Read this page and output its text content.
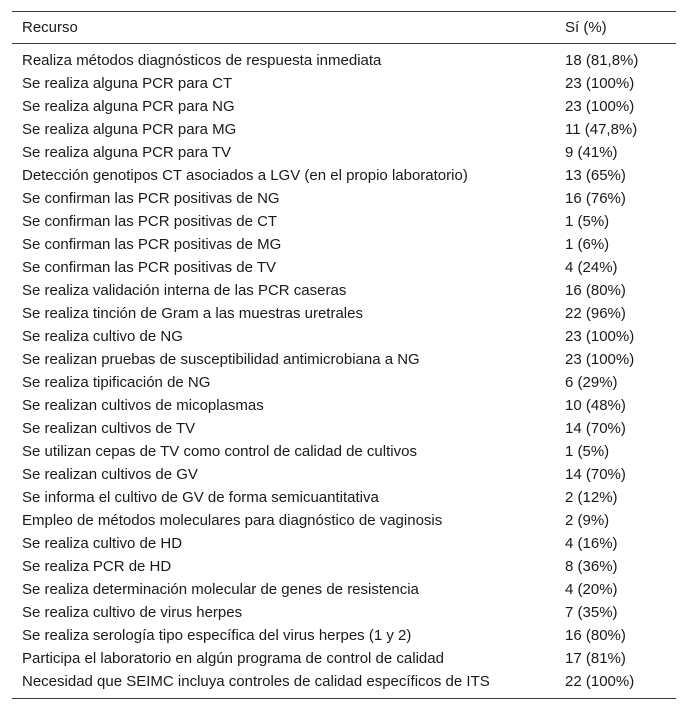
Recurso	Sí (%)
Realiza métodos diagnósticos de respuesta inmediata	18 (81,8%)
Se realiza alguna PCR para CT	23 (100%)
Se realiza alguna PCR para NG	23 (100%)
Se realiza alguna PCR para MG	11 (47,8%)
Se realiza alguna PCR para TV	9 (41%)
Detección genotipos CT asociados a LGV (en el propio laboratorio)	13 (65%)
Se confirman las PCR positivas de NG	16 (76%)
Se confirman las PCR positivas de CT	1 (5%)
Se confirman las PCR positivas de MG	1 (6%)
Se confirman las PCR positivas de TV	4 (24%)
Se realiza validación interna de las PCR caseras	16 (80%)
Se realiza tinción de Gram a las muestras uretrales	22 (96%)
Se realiza cultivo de NG	23 (100%)
Se realizan pruebas de susceptibilidad antimicrobiana a NG	23 (100%)
Se realiza tipificación de NG	6 (29%)
Se realizan cultivos de micoplasmas	10 (48%)
Se realizan cultivos de TV	14 (70%)
Se utilizan cepas de TV como control de calidad de cultivos	1 (5%)
Se realizan cultivos de GV	14 (70%)
Se informa el cultivo de GV de forma semicuantitativa	2 (12%)
Empleo de métodos moleculares para diagnóstico de vaginosis	2 (9%)
Se realiza cultivo de HD	4 (16%)
Se realiza PCR de HD	8 (36%)
Se realiza determinación molecular de genes de resistencia	4 (20%)
Se realiza cultivo de virus herpes	7 (35%)
Se realiza serología tipo específica del virus herpes (1 y 2)	16 (80%)
Participa el laboratorio en algún programa de control de calidad	17 (81%)
Necesidad que SEIMC incluya controles de calidad específicos de ITS	22 (100%)
